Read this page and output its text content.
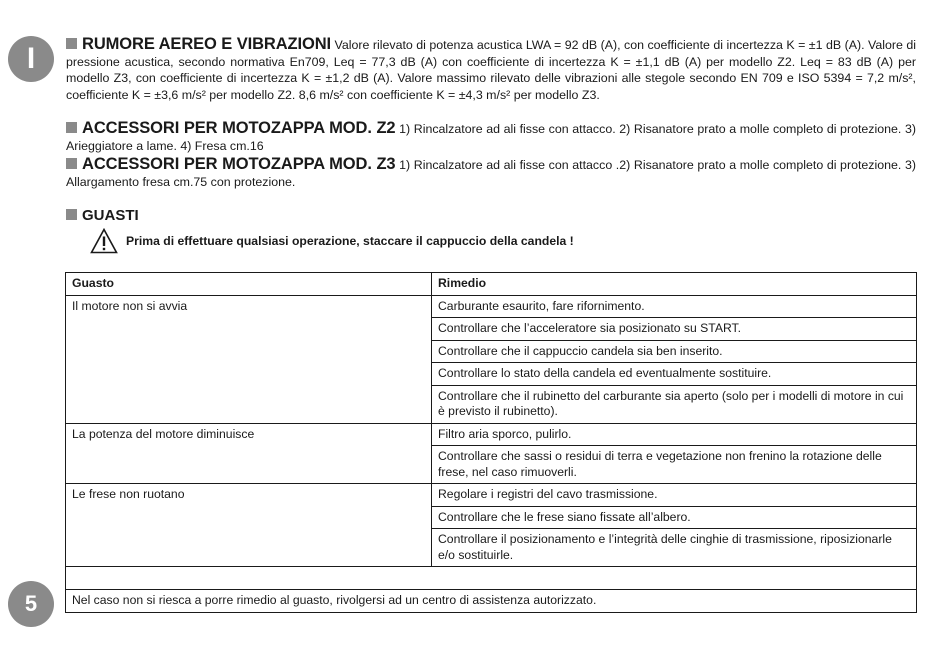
I
5

RUMORE AEREO E VIBRAZIONI Valore rilevato di potenza acustica LWA = 92 dB (A), con coefficiente di incertezza K = ±1 dB (A). Valore di pressione acustica, secondo normativa En709, Leq = 77,3 dB (A) con coefficiente di incertezza K = ±1,1 dB (A) per modello Z2. Leq = 83 dB (A) per modello Z3, con coefficiente di incertezza K = ±1,2 dB (A). Valore massimo rilevato delle vibrazioni alle stegole secondo EN 709 e ISO 5394 = 7,2 m/s², coefficiente K = ±3,6 m/s² per modello Z2. 8,6 m/s² con coefficiente K = ±4,3 m/s² per modello Z3.

ACCESSORI PER MOTOZAPPA MOD. Z2 1) Rincalzatore ad ali fisse con attacco. 2) Risanatore prato a molle completo di protezione. 3) Arieggiatore a lame. 4) Fresa cm.16

ACCESSORI PER MOTOZAPPA MOD. Z3 1) Rincalzatore ad ali fisse con attacco .2) Risanatore prato a molle completo di protezione. 3) Allargamento fresa cm.75 con protezione.

GUASTI
Prima di effettuare qualsiasi operazione, staccare il cappuccio della candela !
Guasto	Rimedio
Il motore non si avvia	Carburante esaurito, fare rifornimento.
	Controllare che l’acceleratore sia posizionato su START.
	Controllare che il cappuccio candela sia ben inserito.
	Controllare lo stato della candela ed eventualmente sostituire.
	Controllare che il rubinetto del carburante sia aperto (solo per i modelli di motore in cui è previsto il rubinetto).
La potenza del motore diminuisce	Filtro aria sporco, pulirlo.
	Controllare che sassi o residui di terra e vegetazione non frenino la rotazione delle frese, nel caso rimuoverli.
Le frese non ruotano	Regolare i registri del cavo trasmissione.
	Controllare che le frese siano fissate all’albero.
	Controllare il posizionamento e l’integrità delle cinghie di trasmissione, riposizionarle e/o sostituirle.

Nel caso non si riesca a porre rimedio al guasto, rivolgersi ad un centro di assistenza autorizzato.	
